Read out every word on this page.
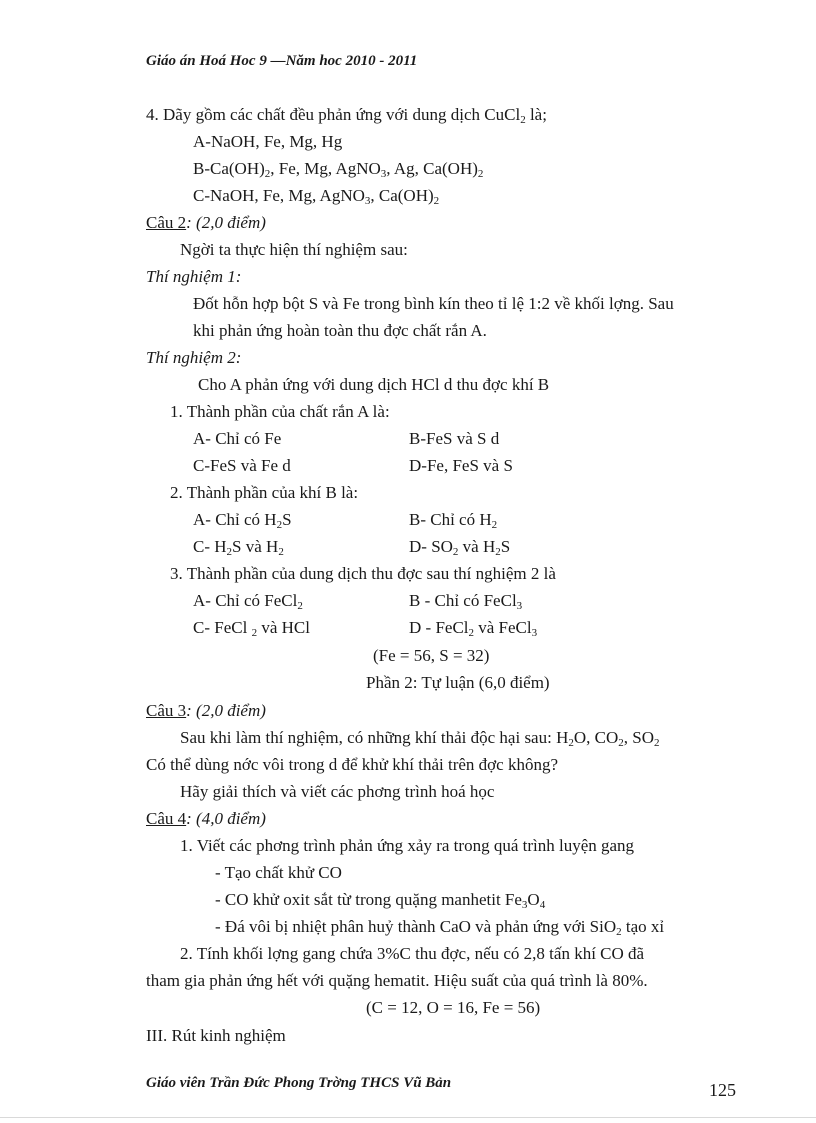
Giáo án Hoá Hoc 9 —Năm hoc 2010 - 2011
4. Dãy gồm các chất đều phản ứng với dung dịch CuCl$_2$ là;
A-NaOH, Fe, Mg, Hg
$B-Ca(OH)_2$, Fe, Mg, AgNO$_3$, Ag, $Ca(OH)_2$
C-NaOH, Fe, Mg, AgNO$_3$, $Ca(OH)_2$
Câu 2: (2,0 điểm)
Ngời ta thực hiện thí nghiệm sau:
Thí nghiệm 1:
Đốt hỗn hợp bột S và Fe trong bình kín theo tỉ lệ 1:2 về khối lợng. Sau
khi phản ứng hoàn toàn thu đợc chất rắn A.
Thí nghiệm 2:
Cho A phản ứng với dung dịch HCl d thu đợc khí B
1. Thành phần của chất rắn A là:
A- Chỉ có Fe	B-FeS và S d
C-FeS và Fe d	D-Fe, FeS và S
2. Thành phần của khí B là:
A- Chỉ có $H_2S$	B- Chỉ có $H_2$
C- $H_2S$ và $H_2$	D- $SO_2$ và $H_2S$
3. Thành phần của dung dịch thu đợc sau thí nghiệm 2 là
A- Chỉ có FeCl$_2$	B - Chỉ có FeCl$_3$
C- FeCl $_2$ và HCl	D - FeCl$_2$ và FeCl$_3$
(Fe = 56, S = 32)
Phần 2: Tự luận (6,0 điểm)
Câu 3: (2,0 điểm)
Sau khi làm thí nghiệm, có những khí thải độc hại sau: $H_2O$, $CO_2$, $SO_2$
Có thể dùng nớc vôi trong d để khử khí thải trên đợc không?
Hãy giải thích và viết các phơng trình hoá học
Câu 4: (4,0 điểm)
1. Viết các phơng trình phản ứng xảy ra trong quá trình luyện gang
- Tạo chất khử CO
- CO khử oxit sắt từ trong quặng manhetit $Fe_3O_4$
- Đá vôi bị nhiệt phân huỷ thành CaO và phản ứng với SiO$_2$ tạo xỉ
2. Tính khối lợng gang chứa 3%C thu đợc, nếu có 2,8 tấn khí CO đã
tham gia phản ứng hết với quặng hematit. Hiệu suất của quá trình là 80%.
(C = 12, O = 16, Fe = 56)
III. Rút kinh nghiệm
Giáo viên Trần Đức Phong Trờng THCS Vũ Bản	125
